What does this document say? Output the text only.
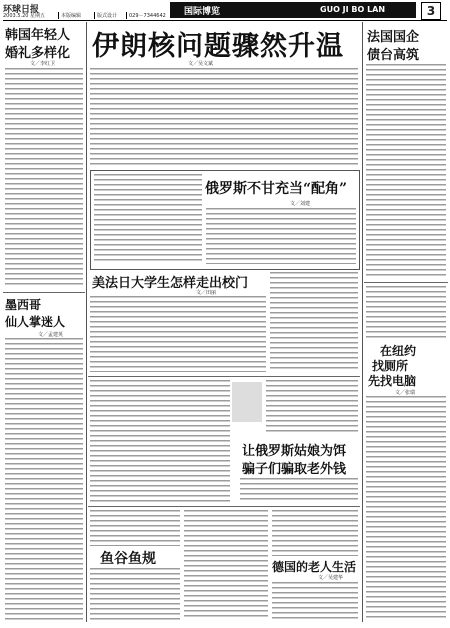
环球日报
2003.5.20 星期五	本版编辑	版式设计	029－7344642 国际博览	GUO JI BO LAN	3
韩国年轻人
婚礼多样化
文／李红卫
墨西哥
仙人掌迷人
文／孟建英
伊朗核问题骤然升温
文／吴文斌
法国国企
债台高筑
在纽约
找厕所
先找电脑
文／张瑞
俄罗斯不甘充当“配角”
文／刘建
美法日大学生怎样走出校门
文／田丽
让俄罗斯姑娘为饵
骗子们骗取老外钱
鱼谷鱼规	德国的老人生活
文／吴建华
